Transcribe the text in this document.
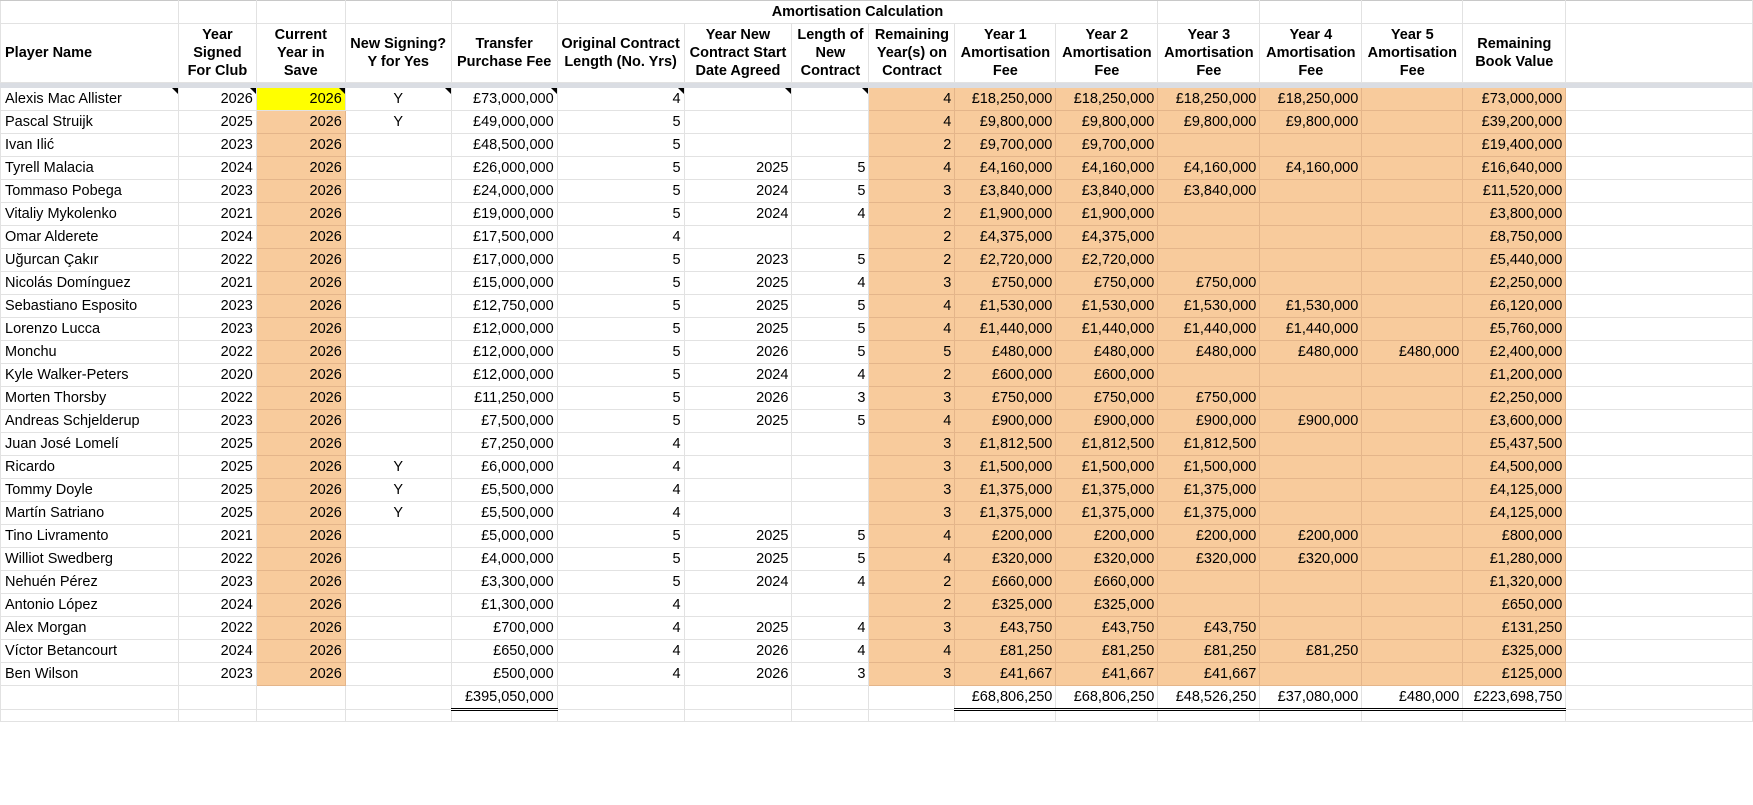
					Amortisation Calculation										
Player Name	Year Signed For Club	Current Year in Save	New Signing? Y for Yes	Transfer Purchase Fee	Original Contract Length (No. Yrs)	Year New Contract Start Date Agreed	Length of New Contract	Remaining Year(s) on Contract	Year 1 Amortisation Fee	Year 2 Amortisation Fee	Year 3 Amortisation Fee	Year 4 Amortisation Fee	Year 5 Amortisation Fee	Remaining Book Value	

Alexis Mac Allister	2026	2026	Y	£73,000,000	4			4	£18,250,000	£18,250,000	£18,250,000	£18,250,000		£73,000,000	
Pascal Struijk	2025	2026	Y	£49,000,000	5			4	£9,800,000	£9,800,000	£9,800,000	£9,800,000		£39,200,000	
Ivan Ilić	2023	2026		£48,500,000	5			2	£9,700,000	£9,700,000				£19,400,000	
Tyrell Malacia	2024	2026		£26,000,000	5	2025	5	4	£4,160,000	£4,160,000	£4,160,000	£4,160,000		£16,640,000	
Tommaso Pobega	2023	2026		£24,000,000	5	2024	5	3	£3,840,000	£3,840,000	£3,840,000			£11,520,000	
Vitaliy Mykolenko	2021	2026		£19,000,000	5	2024	4	2	£1,900,000	£1,900,000				£3,800,000	
Omar Alderete	2024	2026		£17,500,000	4			2	£4,375,000	£4,375,000				£8,750,000	
Uğurcan Çakır	2022	2026		£17,000,000	5	2023	5	2	£2,720,000	£2,720,000				£5,440,000	
Nicolás Domínguez	2021	2026		£15,000,000	5	2025	4	3	£750,000	£750,000	£750,000			£2,250,000	
Sebastiano Esposito	2023	2026		£12,750,000	5	2025	5	4	£1,530,000	£1,530,000	£1,530,000	£1,530,000		£6,120,000	
Lorenzo Lucca	2023	2026		£12,000,000	5	2025	5	4	£1,440,000	£1,440,000	£1,440,000	£1,440,000		£5,760,000	
Monchu	2022	2026		£12,000,000	5	2026	5	5	£480,000	£480,000	£480,000	£480,000	£480,000	£2,400,000	
Kyle Walker-Peters	2020	2026		£12,000,000	5	2024	4	2	£600,000	£600,000				£1,200,000	
Morten Thorsby	2022	2026		£11,250,000	5	2026	3	3	£750,000	£750,000	£750,000			£2,250,000	
Andreas Schjelderup	2023	2026		£7,500,000	5	2025	5	4	£900,000	£900,000	£900,000	£900,000		£3,600,000	
Juan José Lomelí	2025	2026		£7,250,000	4			3	£1,812,500	£1,812,500	£1,812,500			£5,437,500	
Ricardo	2025	2026	Y	£6,000,000	4			3	£1,500,000	£1,500,000	£1,500,000			£4,500,000	
Tommy Doyle	2025	2026	Y	£5,500,000	4			3	£1,375,000	£1,375,000	£1,375,000			£4,125,000	
Martín Satriano	2025	2026	Y	£5,500,000	4			3	£1,375,000	£1,375,000	£1,375,000			£4,125,000	
Tino Livramento	2021	2026		£5,000,000	5	2025	5	4	£200,000	£200,000	£200,000	£200,000		£800,000	
Williot Swedberg	2022	2026		£4,000,000	5	2025	5	4	£320,000	£320,000	£320,000	£320,000		£1,280,000	
Nehuén Pérez	2023	2026		£3,300,000	5	2024	4	2	£660,000	£660,000				£1,320,000	
Antonio López	2024	2026		£1,300,000	4			2	£325,000	£325,000				£650,000	
Alex Morgan	2022	2026		£700,000	4	2025	4	3	£43,750	£43,750	£43,750			£131,250	
Víctor Betancourt	2024	2026		£650,000	4	2026	4	4	£81,250	£81,250	£81,250	£81,250		£325,000	
Ben Wilson	2023	2026		£500,000	4	2026	3	3	£41,667	£41,667	£41,667			£125,000	
				£395,050,000					£68,806,250	£68,806,250	£48,526,250	£37,080,000	£480,000	£223,698,750	
